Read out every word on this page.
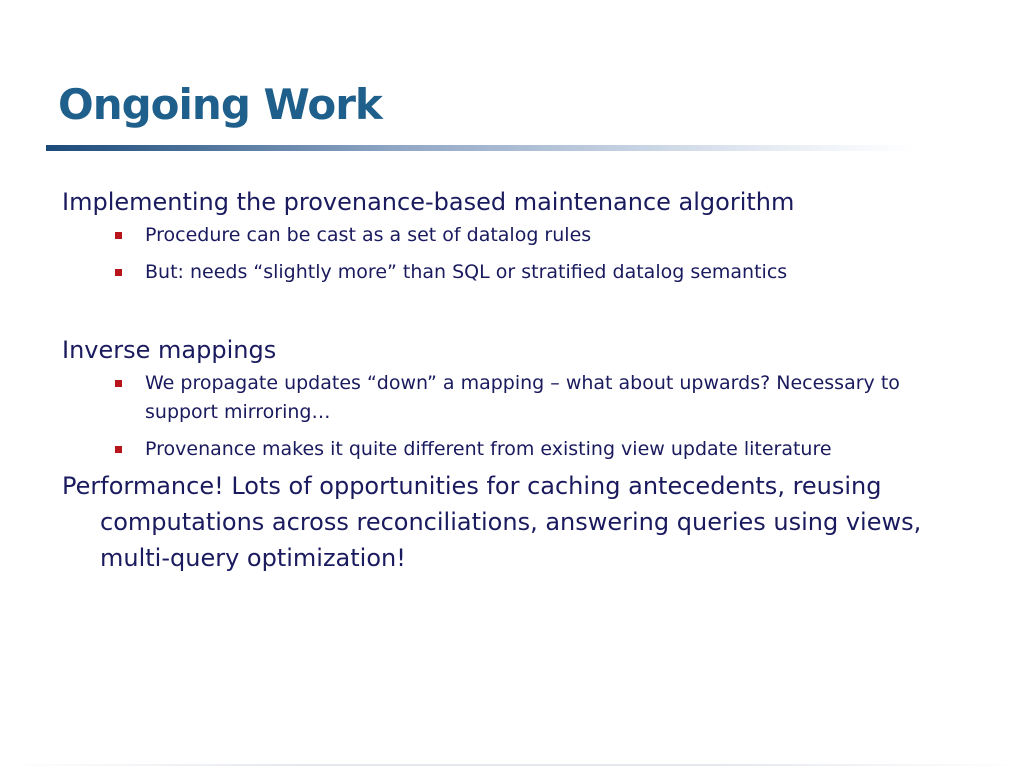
Ongoing Work

Implementing the provenance-based maintenance algorithm

Procedure can be cast as a set of datalog rules
But: needs “slightly more” than SQL or stratified datalog semantics

Inverse mappings

We propagate updates “down” a mapping – what about upwards? Necessary to support mirroring…
Provenance makes it quite different from existing view update literature

Performance! Lots of opportunities for caching antecedents, reusing computations across reconciliations, answering queries using views, multi-query optimization!
